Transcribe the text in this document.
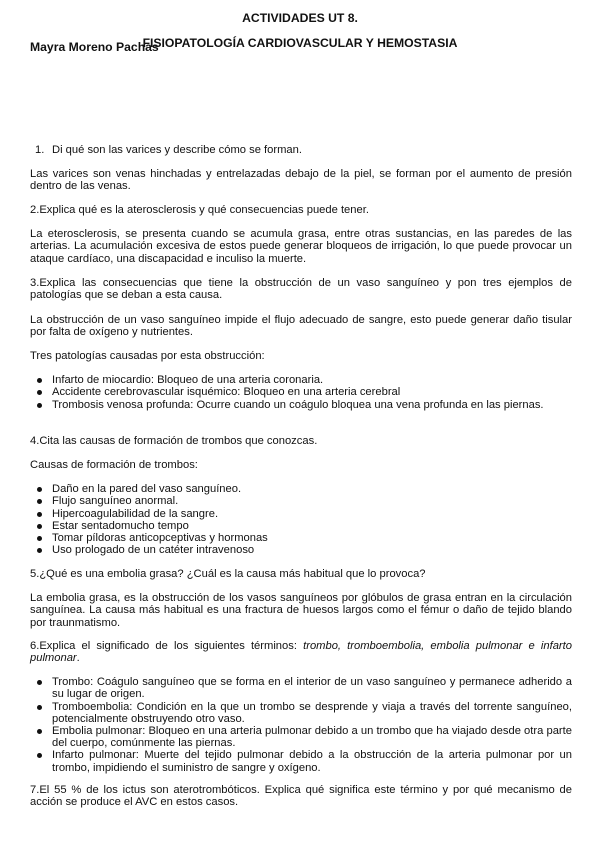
Mayra Moreno Pachas

ACTIVIDADES UT 8.

FISIOPATOLOGÍA CARDIOVASCULAR Y HEMOSTASIA

1. Di qué son las varices y describe cómo se forman.

Las varices son venas hinchadas y entrelazadas debajo de la piel, se forman por el aumento de presión dentro de las venas.

2.Explica qué es la aterosclerosis y qué consecuencias puede tener.

La eterosclerosis, se presenta cuando se acumula grasa, entre otras sustancias, en las paredes de las arterias. La acumulación excesiva de estos puede generar bloqueos de irrigación, lo que puede provocar un ataque cardíaco, una discapacidad e inculiso la muerte.

3.Explica las consecuencias que tiene la obstrucción de un vaso sanguíneo y pon tres ejemplos de patologías que se deban a esta causa.

La obstrucción de un vaso sanguíneo impide el flujo adecuado de sangre, esto puede generar daño tisular por falta de oxígeno y nutrientes.

Tres patologías causadas por esta obstrucción:

Infarto de miocardio: Bloqueo de una arteria coronaria.
Accidente cerebrovascular isquémico: Bloqueo en una arteria cerebral
Trombosis venosa profunda: Ocurre cuando un coágulo bloquea una vena profunda en las piernas.

4.Cita las causas de formación de trombos que conozcas.

Causas de formación de trombos:

Daño en la pared del vaso sanguíneo.
Flujo sanguíneo anormal.
Hipercoagulabilidad de la sangre.
Estar sentadomucho tempo
Tomar píldoras anticopceptivas y hormonas
Uso prologado de un catéter intravenoso

5.¿Qué es una embolia grasa? ¿Cuál es la causa más habitual que lo provoca?

La embolia grasa, es la obstrucción de los vasos sanguíneos por glóbulos de grasa entran en la circulación sanguínea. La causa más habitual es una fractura de huesos largos como el fémur o daño de tejido blando por traunmatismo.

6.Explica el significado de los siguientes términos: trombo, tromboembolia, embolia pulmonar e infarto pulmonar.

Trombo: Coágulo sanguíneo que se forma en el interior de un vaso sanguíneo y permanece adherido a su lugar de origen.
Tromboembolia: Condición en la que un trombo se desprende y viaja a través del torrente sanguíneo, potencialmente obstruyendo otro vaso.
Embolia pulmonar: Bloqueo en una arteria pulmonar debido a un trombo que ha viajado desde otra parte del cuerpo, comúnmente las piernas.
Infarto pulmonar: Muerte del tejido pulmonar debido a la obstrucción de la arteria pulmonar por un trombo, impidiendo el suministro de sangre y oxígeno.

7.El 55 % de los ictus son aterotrombóticos. Explica qué significa este término y por qué mecanismo de acción se produce el AVC en estos casos.
